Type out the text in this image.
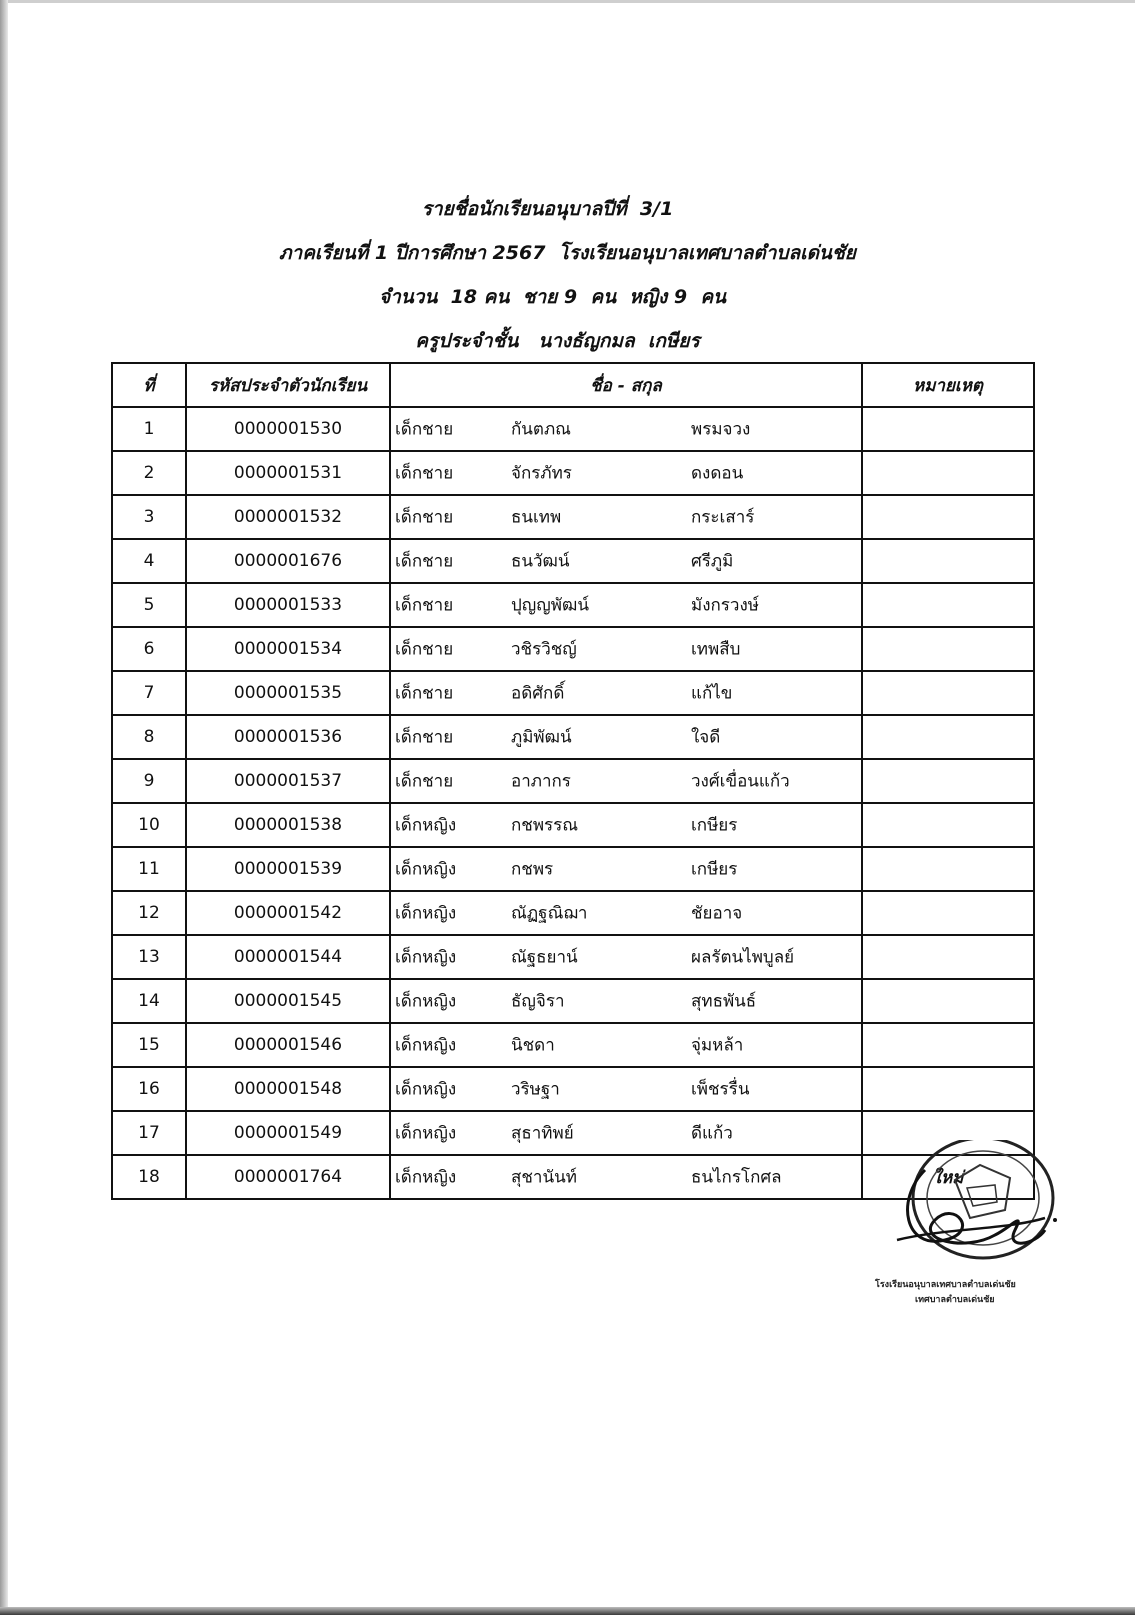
รายชื่อนักเรียนอนุบาลปีที่  3/1
ภาคเรียนที่ 1 ปีการศึกษา 2567  โรงเรียนอนุบาลเทศบาลตำบลเด่นชัย
จำนวน  18 คน  ชาย 9  คน  หญิง 9  คน
ครูประจำชั้น   นางธัญกมล  เกษียร
ที่	รหัสประจำตัวนักเรียน	ชื่อ - สกุล	หมายเหตุ
1	0000001530	เด็กชาย กันตภณ พรมจวง	

2	0000001531	เด็กชาย จักรภัทร ดงดอน	

3	0000001532	เด็กชาย ธนเทพ กระเสาร์	

4	0000001676	เด็กชาย ธนวัฒน์ ศรีภูมิ	

5	0000001533	เด็กชาย ปุญญพัฒน์ มังกรวงษ์	

6	0000001534	เด็กชาย วชิรวิชญ์ เทพสืบ	

7	0000001535	เด็กชาย อดิศักดิ์ แก้ไข	

8	0000001536	เด็กชาย ภูมิพัฒน์ ใจดี	

9	0000001537	เด็กชาย อาภากร วงศ์เขื่อนแก้ว	

10	0000001538	เด็กหญิง กชพรรณ เกษียร	

11	0000001539	เด็กหญิง กชพร เกษียร	

12	0000001542	เด็กหญิง ณัฏฐณิฌา ชัยอาจ	

13	0000001544	เด็กหญิง ณัฐธยาน์ ผลรัตนไพบูลย์	

14	0000001545	เด็กหญิง ธัญจิรา สุทธพันธ์	

15	0000001546	เด็กหญิง นิชดา จุ่มหล้า	

16	0000001548	เด็กหญิง วริษฐา เพ็ชรรื่น	

17	0000001549	เด็กหญิง สุธาทิพย์ ดีแก้ว	

18	0000001764	เด็กหญิง สุชานันท์ ธนไกรโกศล	ใหม่
โรงเรียนอนุบาลเทศบาลตำบลเด่นชัย
เทศบาลตำบลเด่นชัย
